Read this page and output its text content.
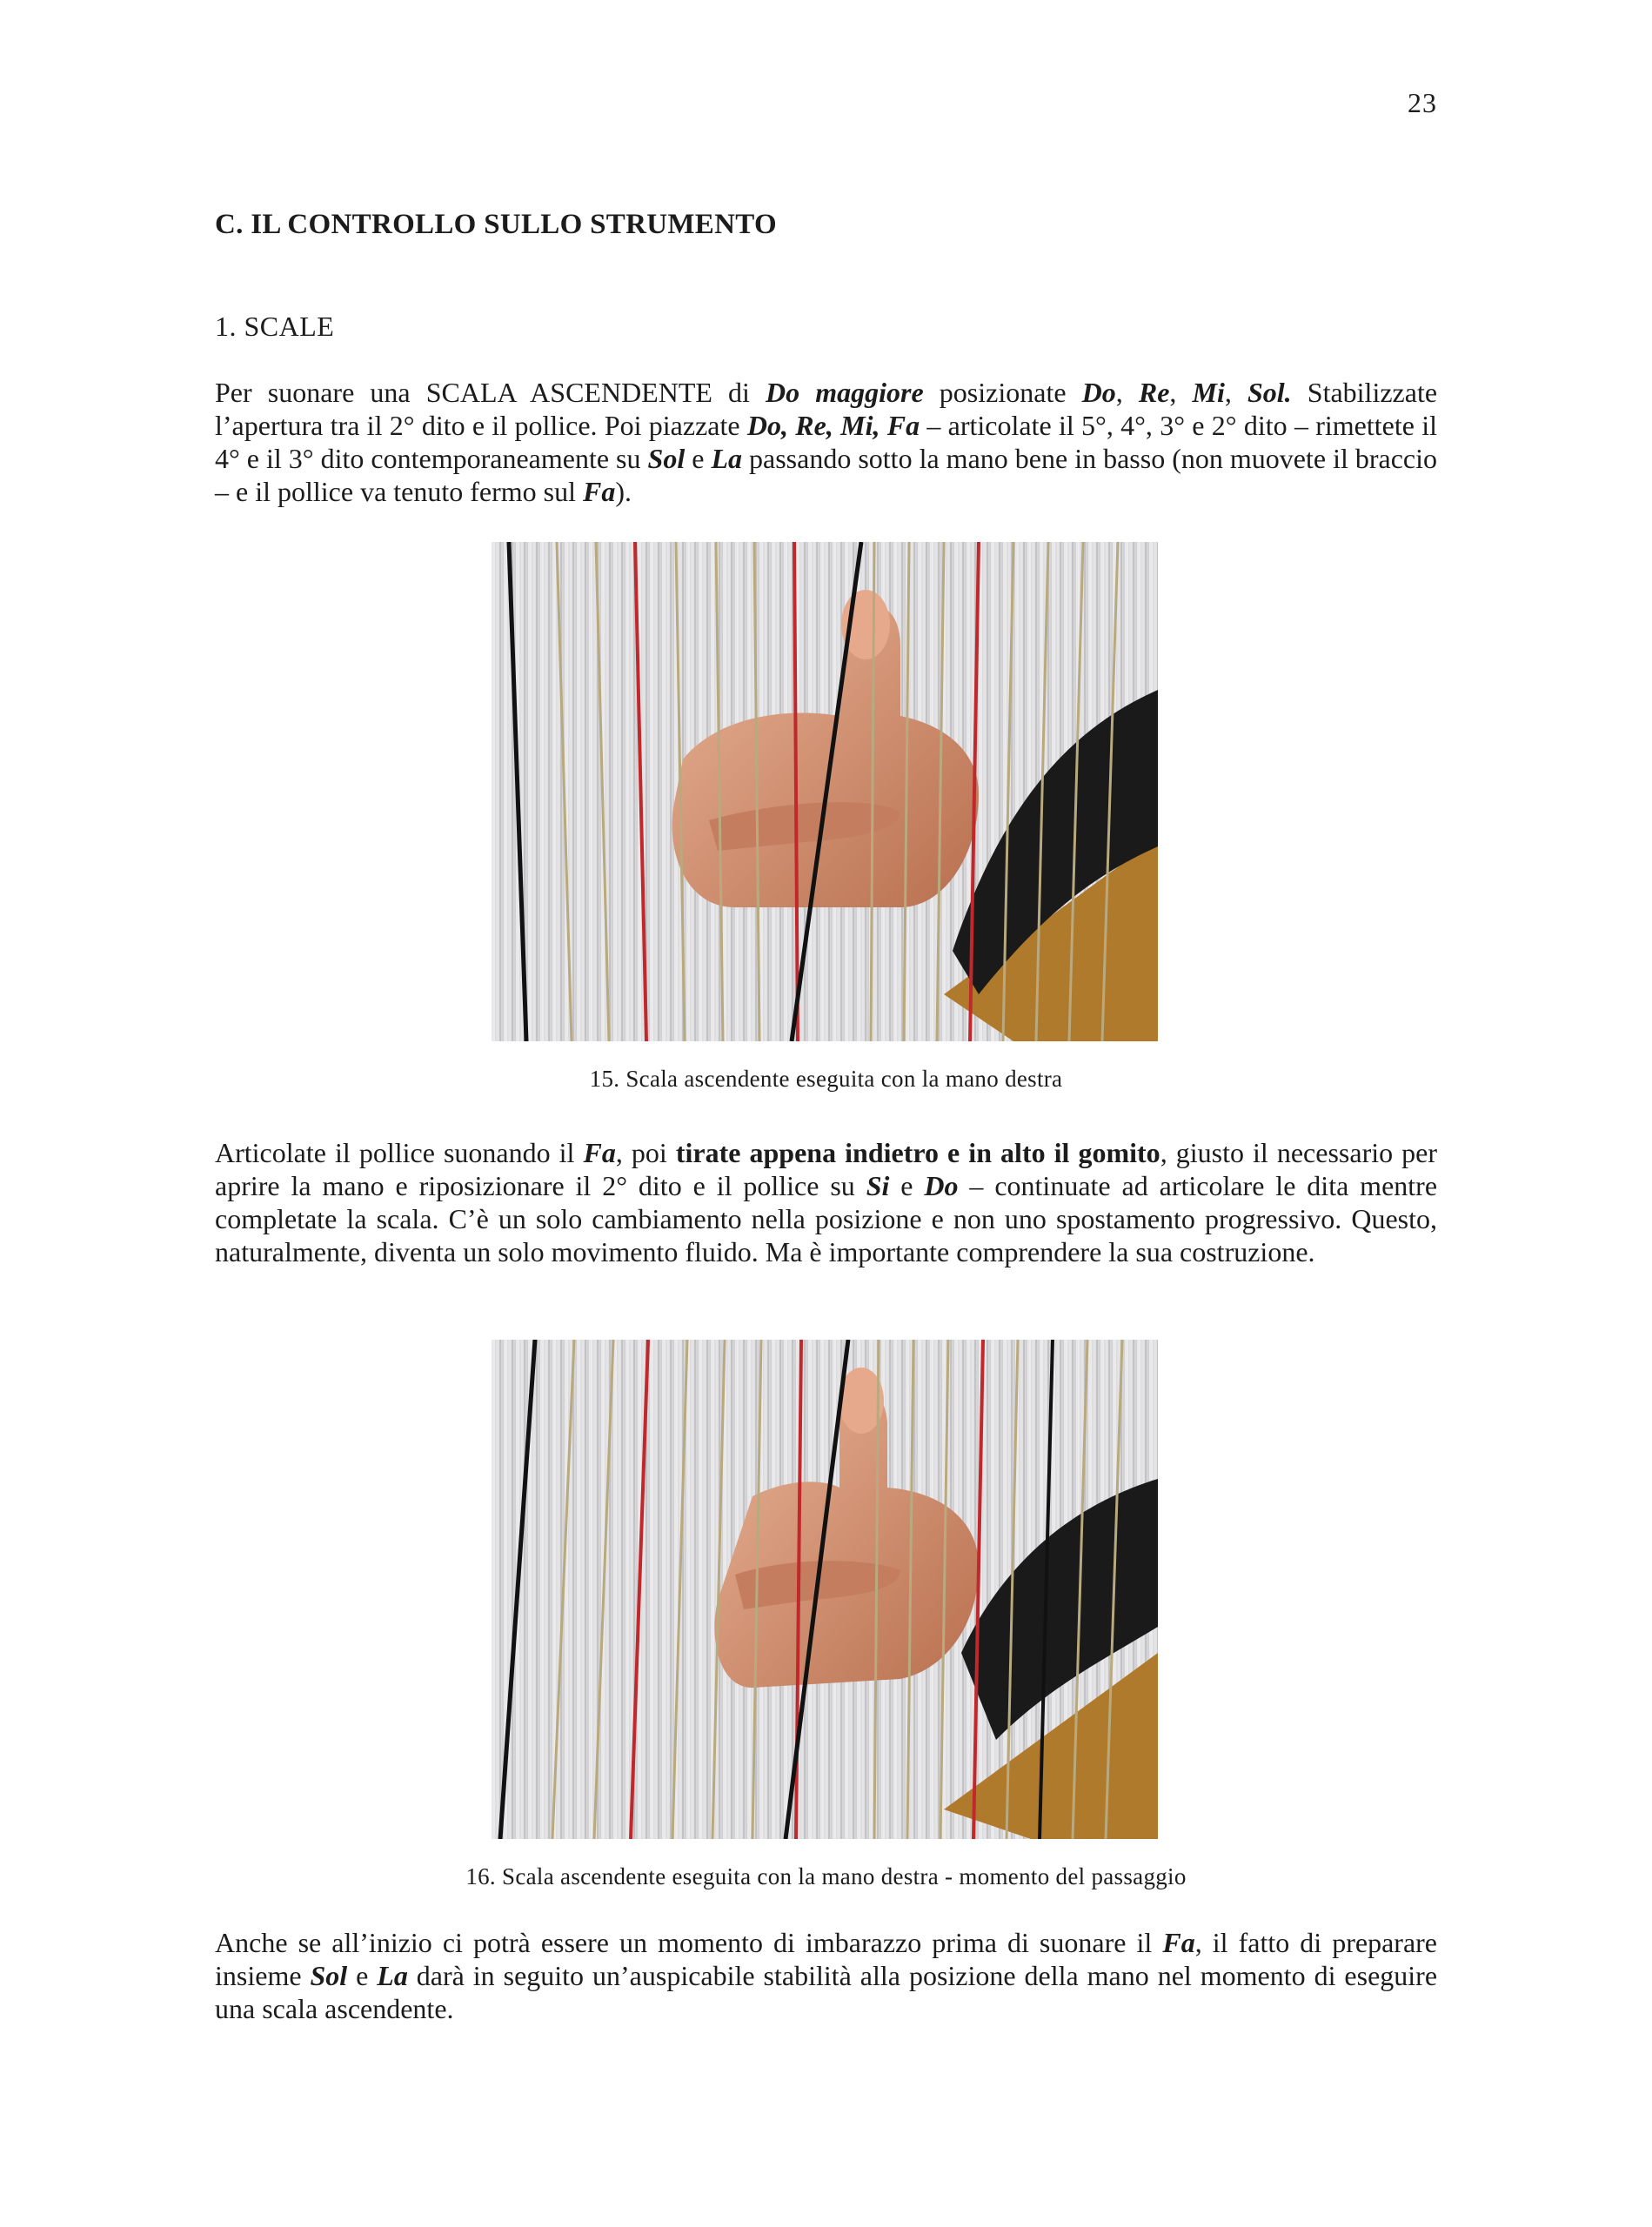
23
C. IL CONTROLLO SULLO STRUMENTO
1. SCALE

Per suonare una SCALA ASCENDENTE di Do maggiore posizionate Do, Re, Mi, Sol. Stabilizzate l’apertura tra il 2° dito e il pollice. Poi piazzate Do, Re, Mi, Fa – articolate il 5°, 4°, 3° e 2° dito – rimettete il 4° e il 3° dito contemporaneamente su Sol e La passando sotto la mano bene in basso (non muovete il braccio – e il pollice va tenuto fermo sul Fa).

15. Scala ascendente eseguita con la mano destra

Articolate il pollice suonando il Fa, poi tirate appena indietro e in alto il gomito, giusto il necessario per aprire la mano e riposizionare il 2° dito e il pollice su Si e Do – continuate ad articolare le dita mentre completate la scala. C’è un solo cambiamento nella posizione e non uno spostamento progressivo. Questo, naturalmente, diventa un solo movimento fluido. Ma è importante comprendere la sua costruzione.

16. Scala ascendente eseguita con la mano destra - momento del passaggio

Anche se all’inizio ci potrà essere un momento di imbarazzo prima di suonare il Fa, il fatto di preparare insieme Sol e La darà in seguito un’auspicabile stabilità alla posizione della mano nel momento di eseguire una scala ascendente.
